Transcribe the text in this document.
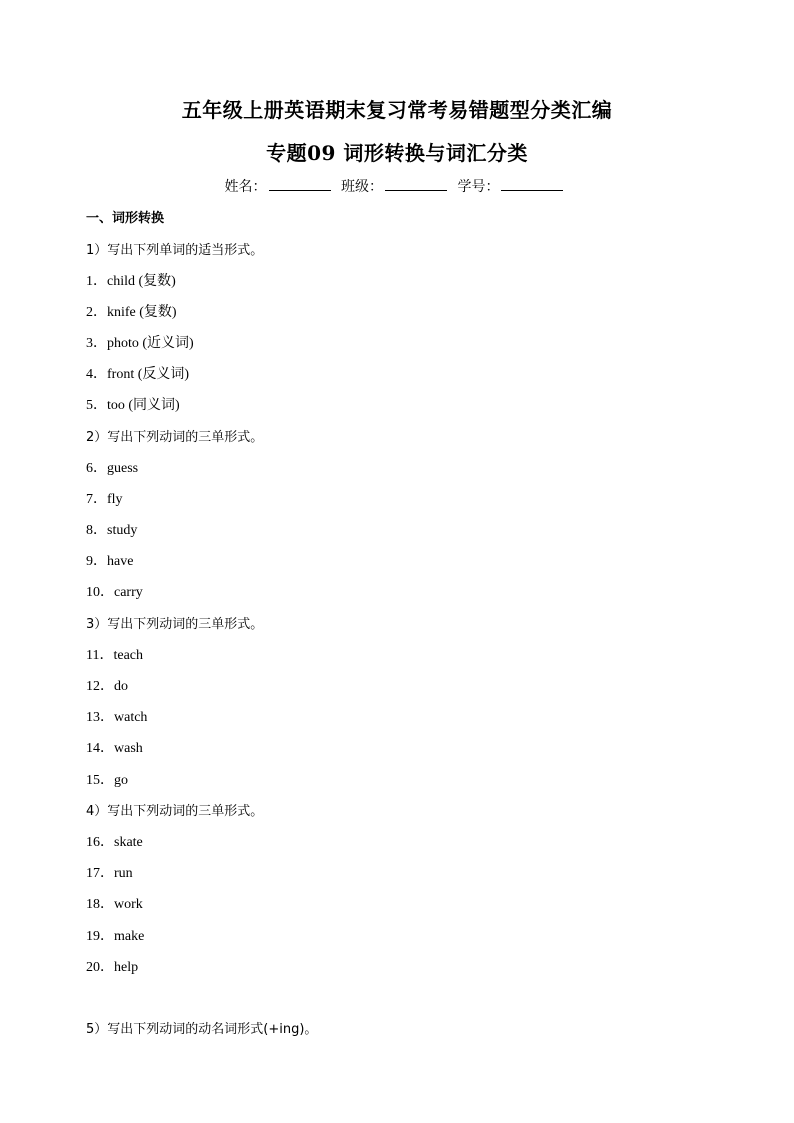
五年级上册英语期末复习常考易错题型分类汇编
专题09 词形转换与词汇分类
姓名：	班级：	学号：
一、词形转换
1）写出下列单词的适当形式。
1．child (复数)
2．knife (复数)
3．photo (近义词)
4．front (反义词)
5．too (同义词)
2）写出下列动词的三单形式。
6．guess
7．fly
8．study
9．have
10．carry
3）写出下列动词的三单形式。
11．teach
12．do
13．watch
14．wash
15．go
4）写出下列动词的三单形式。
16．skate
17．run
18．work
19．make
20．help
5）写出下列动词的动名词形式(+ing)。
